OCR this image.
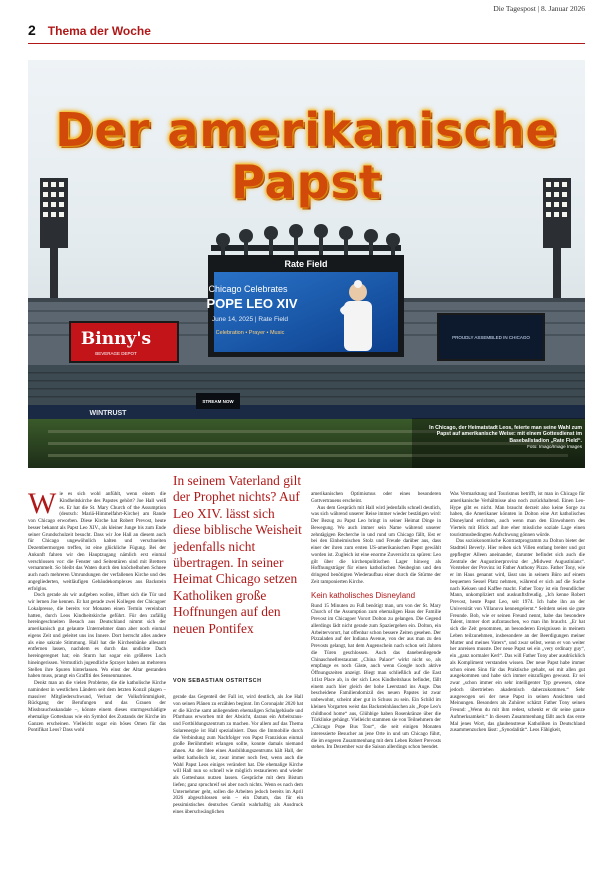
Die Tagespost | 8. Januar 2026
2 Thema der Woche
Rate Field
Chicago Celebrates
POPE LEO XIV
June 14, 2025 | Rate Field
Celebration • Prayer • Music
Binny's
BEVERAGE DEPOT
PROUDLY ASSEMBLED IN CHICAGO
WINTRUST
STREAM NOW
Der amerikanische
Papst
In Chicago, der Heimatstadt Leos, feierte man seine Wahl zum Papst auf amerikanische Weise: mit einem Gottesdienst im Baseballstadion „Rate Field“.
Foto: Imago/Image Images

Wie es sich wohl anfühlt, wenn einem die Kindheitskirche des Papstes gehört? Joe Hall weiß es. Er hat die St. Mary Church of the Assumption (deutsch: Mariä-Himmelfahrt-Kirche) am Rande von Chicago erworben. Diese Kirche hat Robert Prevost, heute besser bekannt als Papst Leo XIV., als kleiner Junge bis zum Ende seiner Grundschulzeit besucht. Dass wir Joe Hall an diesem auch für Chicago ungewöhnlich kalten und verschneiten Dezembermorgen treffen, ist eine glückliche Fügung. Bei der Ankunft fahren wir den Hauptzugang nämlich erst einmal verschlossen vor: die Fenster und Seitentüren sind mit Brettern vernammelt. So bleibt das Waten durch den knöchelhohen Schnee auch nach mehreren Umrundungen der verfallenen Kirche und des angegliederten, weitläufigen Gebäudekomplexes aus Backstein erfolglos.

Doch gerade als wir aufgeben wollen, öffnet sich die Tür und wir lernen Joe kennen. Er hat gerade zwei Kollegen der Chicagoer Lokalpresse, die bereits vor Monaten einen Termin vereinbart hatten, durch Leos Kindheitskirche geführt. Für den zufällig hereingeschneiten Besuch aus Deutschland nimmt sich der amerikanisch gut gelaunte Unternehmer dann aber noch einmal eigens Zeit und geleitet uns ins Innere. Dort herrscht alles andere als eine sakrale Stimmung. Hall hat die Kirchenbänke allesamt entfernen lassen, nachdem es durch das undichte Dach hereingeregnet hat; ein Sturm hat sogar ein größeres Loch hineingerissen. Vermutlich jugendliche Sprayer haben an mehreren Stellen ihre Spuren hinterlassen. Wo einst der Altar gestanden haben muss, prangt ein Graffiti des Sensenmannes.

Denkt man an die vielen Probleme, die die katholische Kirche namindest in westlichen Ländern seit dem letzten Konzil plagen – massiver Mitgliederschwund, Verlust der Volksfrömmigkeit, Rückgang der Berufungen und das Grauen der Missbrauchsskandale –, könnte einem dieses sturmgeschädigte ehemalige Gotteshaus wie ein Symbol des Zustands der Kirche im Ganzen erscheinen. Vielleicht sogar ein böses Omen für das Pontifikat Leos? Dass wohl

In seinem Vaterland gilt der Prophet nichts? Auf Leo XIV. lässt sich diese biblische Weisheit jedenfalls nicht übertragen. In seiner Heimat Chicago setzen Katholiken große Hoffnungen auf den neuen Pontifex
VON SEBASTIAN OSTRITSCH

gerade das Gegenteil der Fall ist, wird deutlich, als Joe Hall von seinen Plänen zu erzählen beginnt. Im Coronajahr 2020 hat er die Kirche samt anliegendem ehemaligen Schulgebäude und Pfarrhaus erworben mit der Absicht, daraus ein Arbeitsraus- und Fortbildungszentrum zu machen. Vor allem auf das Thema Solarenergie ist Hall spezialisiert. Dass die Immobilie durch die Verbindung zum Nachfolger von Papst Franziskus einmal große Berühmtheit erlangen sollte, konnte damals niemand ahnen. An der Idee eines Ausbildungszentrums hält Hall, der selbst katholisch ist, zwar immer noch fest, wenn auch die Wahl Papst Leos einiges verändert hat. Die ehemalige Kirche will Hall nun so schnell wie möglich restaurieren und wieder als Gotteshaus nutzen lassen. Gespräche mit dem Bistum liefen; ganz spruchreif sei aber noch nichts. Wenn es nach dem Unternehmer geht, sollen die Arbeiten jedoch bereits im April 2026 abgeschlossen sein – ein Datum, das für ein pessimistisches deutsches Gemüt wahrhaftig als Ausdruck eines überschwänglichen

amerikanischen Optimismus oder eines besonderen Gottvertrauens erscheint.

Aus dem Gespräch mit Hall wird jedenfalls schnell deutlich, was sich während unserer Reise immer wieder bestätigen wird: Der Bezug zu Papst Leo bringt in seiner Heimat Dinge in Bewegung. Wo auch immer sein Name während unserer zehntägigen Recherche in und rund um Chicago fällt, löst er bei den Einheimischen Stolz und Freude darüber aus, dass einer der ihren zum ersten US-amerikanischen Papst gewählt worden ist. Zugleich ist eine enorme Zuversicht zu spüren: Leo gilt über die kirchenpolitischen Lager hinweg als Hoffnungsträger für einen katholischen Neubeginn und den dringend benötigten Wiederaufbau einer durch die Stürme der Zeit ramponierten Kirche.

Kein katholisches Disneyland

Rund 15 Minuten zu Fuß benötigt man, um von der St. Mary Church of the Assumption zum ehemaligen Haus der Familie Prevost im Chicagoer Vorort Dolton zu gelangen. Die Gegend allerdings lädt nicht gerade zum Spaziergehen ein. Dolton, ein Arbeitervorort, hat offenbar schon bessere Zeiten gesehen. Der Pizzaladen auf der Indiana Avenue, von der aus man zu den Prevosts gelangt, hat dem Augenschein nach schon seit Jahren die Türen geschlossen. Auch das danebenliegende Chinaschnellrestaurant „China Palace“ wirkt nicht so, als empfange es noch Gäste, auch wenn Google noch aktive Öffnungszeiten anzeigt. Biegt man schließlich auf die East 141st Place ab, in der sich Leos Kindheitshaus befindet, fällt einem auch hier gleich der hohe Leerstand ins Auge. Das bescheidene Familiendomizil des neuen Papstes ist zwar unbewohnt, scheint aber gut in Schuss zu sein. Ein Schild im kleinen Vorgarten weist das Backsteinhäuschen als „Pope Leo's childhood home“ aus, Glühbige haben Rosenkränze über die Türklinke gehängt. Vielleicht stammen sie von Teilnehmern der „Chicago Pope Bus Tour“, die seit einigen Monaten interessierte Besucher an jene Orte in und um Chicago führt, die im engeren Zusammenhang mit dem Leben Robert Prevosts stehen. Im Dezember war die Saison allerdings schon beendet.

Was Vermarktung und Tourismus betrifft, ist man in Chicago für amerikanische Verhältnisse also noch zurückhaltend. Einen Leo-Hype gibt es nicht. Man braucht derzeit also keine Sorge zu haben, die Amerikaner könnten in Dolton eine Art katholisches Disneyland errichten, auch wenn man den Einwohnern des Viertels mit Blick auf ihre eher missliche soziale Lage einen touristmusbedingten Aufschwung gönnen würde.

Das soziokonomische Kontrastprogramm zu Dolton bietet der Stadtteil Beverly. Hier reihen sich Villen entlang breiter und gut gepflegter Alleen aneinander, darunter befindet sich auch die Zentrale der Augustinerprovinz der „Midwest Augustinians“. Vorsteher der Provinz ist Father Anthony Pizzo. Father Tony, wie er im Haus genannt wird, lässt uns in seinem Büro auf einem bequemen Sessel Platz nehmen, während er sich auf die Suche nach Keksen und Kaffee macht. Father Tony ist ein freundlicher Mann, unkompliziert und auskunftsfreudig. „Ich kenne Robert Prevost, heute Papst Leo, seit 1974. Ich habe ihn an der Universität von Villanova kennengelernt.“ Seitdem seien sie gute Freunde. Bob, wie er seinen Freund nennt, habe das besondere Talent, immer dort aufzutauchen, wo man ihn braucht. „Er hat sich die Zeit genommen, an besonderen Ereignissen in meinem Leben teilzunehmen, insbesondere an der Beerdigungen meiner Mutter und meines Vaters“, und zwar selbst, wenn er von weiter her anreisen musste. Der neue Papst sei ein „very ordinary guy“, ein „ganz normaler Kerl“. Das will Father Tony aber ausdrücklich als Kompliment verstanden wissen. Der neue Papst habe immer schon einen Sinn für das Praktische gehabt, sei mit allen gut ausgekommen und habe sich immer einzufügen gewusst. Er sei zwar „schon immer ein sehr intelligenter Typ gewesen, ohne jedoch übertrieben akademisch daherzukommen.“ Sehr ausgewogen sei der neue Papst in seinen Ansichten und Meinungen. Besonders als Zuhörer schätzt Father Tony seinen Freund: „Wenn du mit ihm redest, schenkt er dir seine ganze Aufmerksamkeit.“ In diesem Zusammenhang fällt auch das erste Mal jenes Wort, das glaubenstreue Katholiken in Deutschland zusammenzucken lässt: „Synodalität“. Leos Fähigkeit,
